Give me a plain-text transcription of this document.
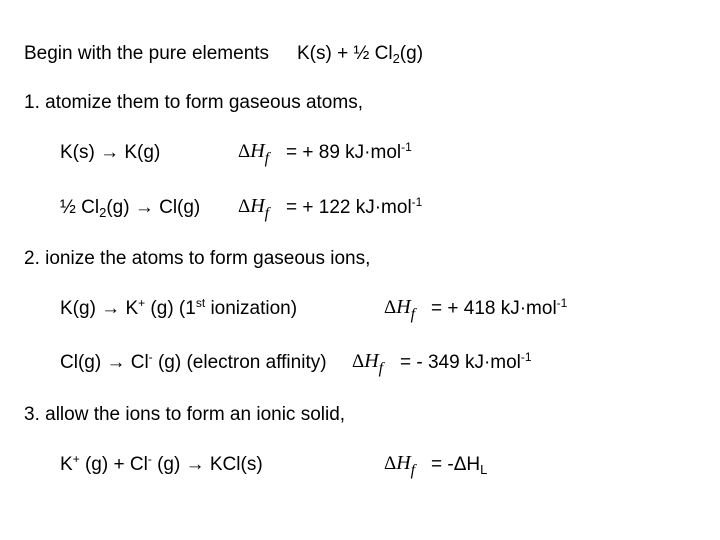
Begin with the pure elements K(s) + ½ $Cl_2(g)$
1. atomize them to form gaseous atoms,
K(s) → K(g)	$\Delta H_f$ = + 89 kJ·mol$^{-1}$
½ $Cl_2(g) \to Cl(g) \Delta H_f$ = + 122 kJ·mol$^{-1}$
2. ionize the atoms to form gaseous ions,
K(g) → K+ (g) (1st ionization)	$\Delta H_f$ = + 418 kJ·mol$^{-1}$
Cl(g) → Cl- (g) (electron affinity) $\Delta H_f$ = - 349 kJ·mol$^{-1}$
3. allow the ions to form an ionic solid,
K+ (g) + Cl- (g) → KCl(s)	$\Delta H_f = -\Delta H_L$
